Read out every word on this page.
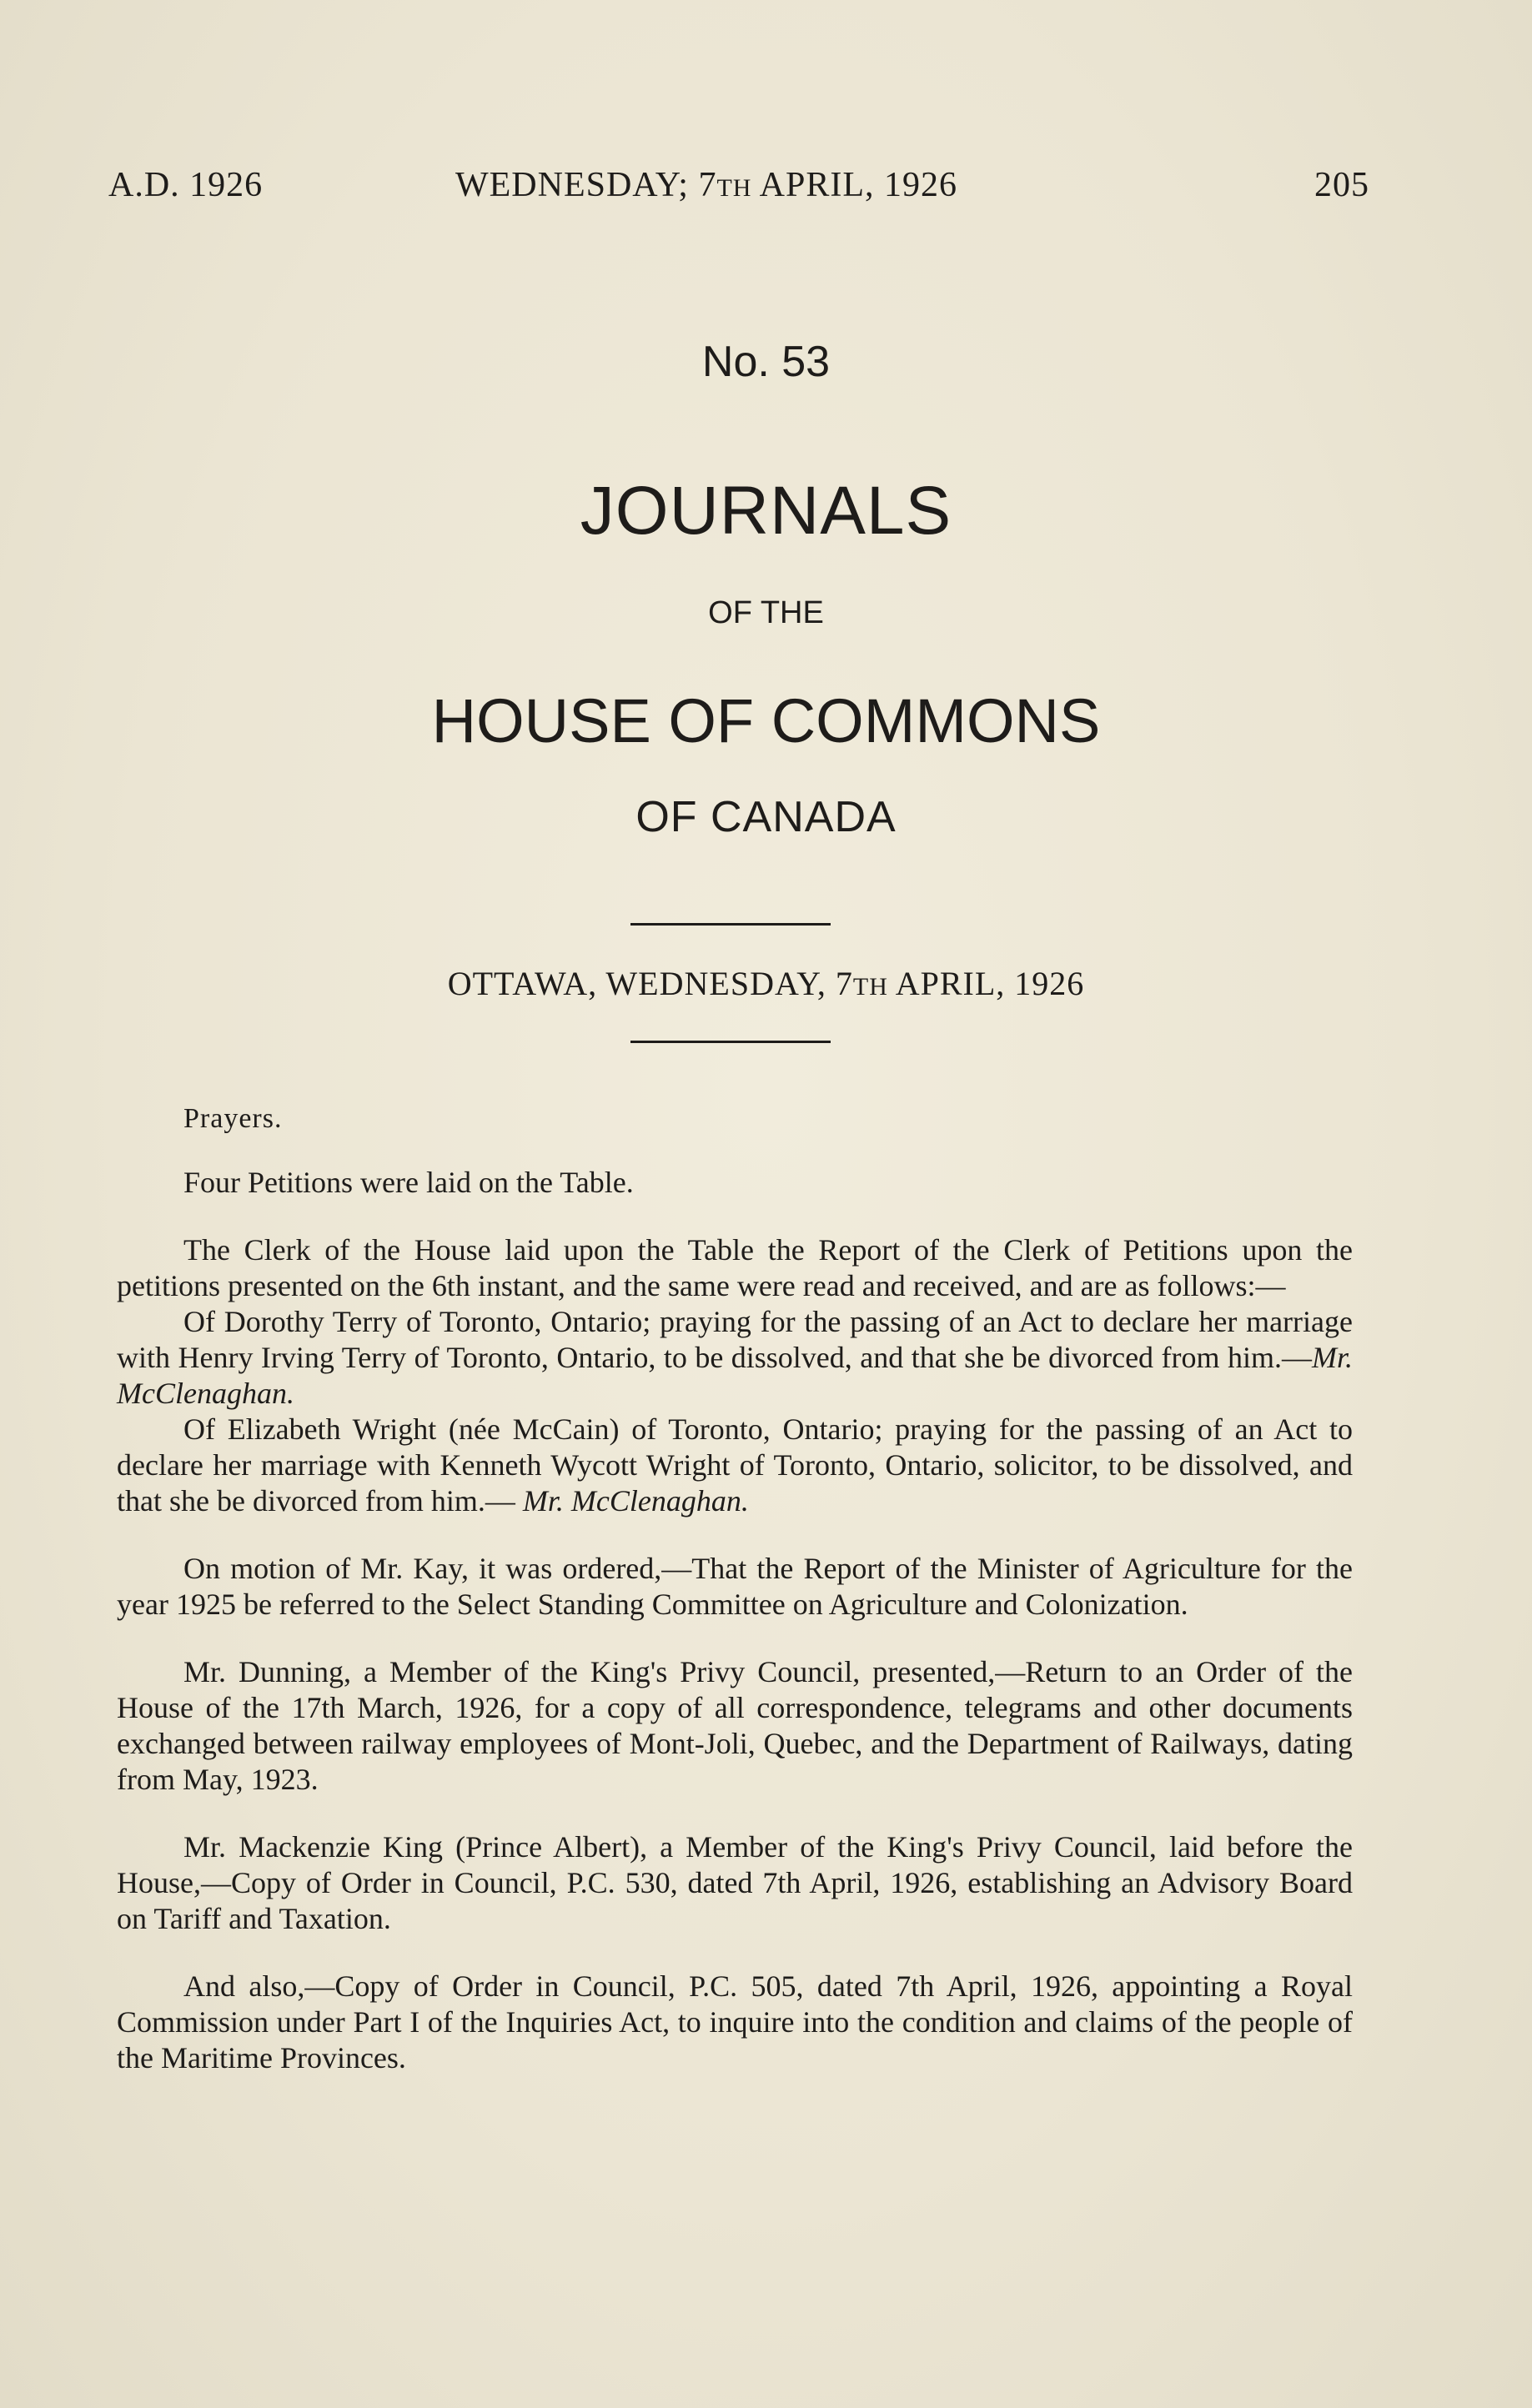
A.D. 1926	WEDNESDAY; 7TH APRIL, 1926	205
No. 53
JOURNALS
OF THE
HOUSE OF COMMONS
OF CANADA
OTTAWA, WEDNESDAY, 7TH APRIL, 1926

Prayers.

Four Petitions were laid on the Table.

The Clerk of the House laid upon the Table the Report of the Clerk of Petitions upon the petitions presented on the 6th instant, and the same were read and received, and are as follows:—

Of Dorothy Terry of Toronto, Ontario; praying for the passing of an Act to declare her marriage with Henry Irving Terry of Toronto, Ontario, to be dissolved, and that she be divorced from him.—Mr. McClenaghan.

Of Elizabeth Wright (née McCain) of Toronto, Ontario; praying for the passing of an Act to declare her marriage with Kenneth Wycott Wright of Toronto, Ontario, solicitor, to be dissolved, and that she be divorced from him.— Mr. McClenaghan.

On motion of Mr. Kay, it was ordered,—That the Report of the Minister of Agriculture for the year 1925 be referred to the Select Standing Committee on Agriculture and Colonization.

Mr. Dunning, a Member of the King's Privy Council, presented,—Return to an Order of the House of the 17th March, 1926, for a copy of all correspondence, telegrams and other documents exchanged between railway employees of Mont-Joli, Quebec, and the Department of Railways, dating from May, 1923.

Mr. Mackenzie King (Prince Albert), a Member of the King's Privy Council, laid before the House,—Copy of Order in Council, P.C. 530, dated 7th April, 1926, establishing an Advisory Board on Tariff and Taxation.

And also,—Copy of Order in Council, P.C. 505, dated 7th April, 1926, appointing a Royal Commission under Part I of the Inquiries Act, to inquire into the condition and claims of the people of the Maritime Provinces.
